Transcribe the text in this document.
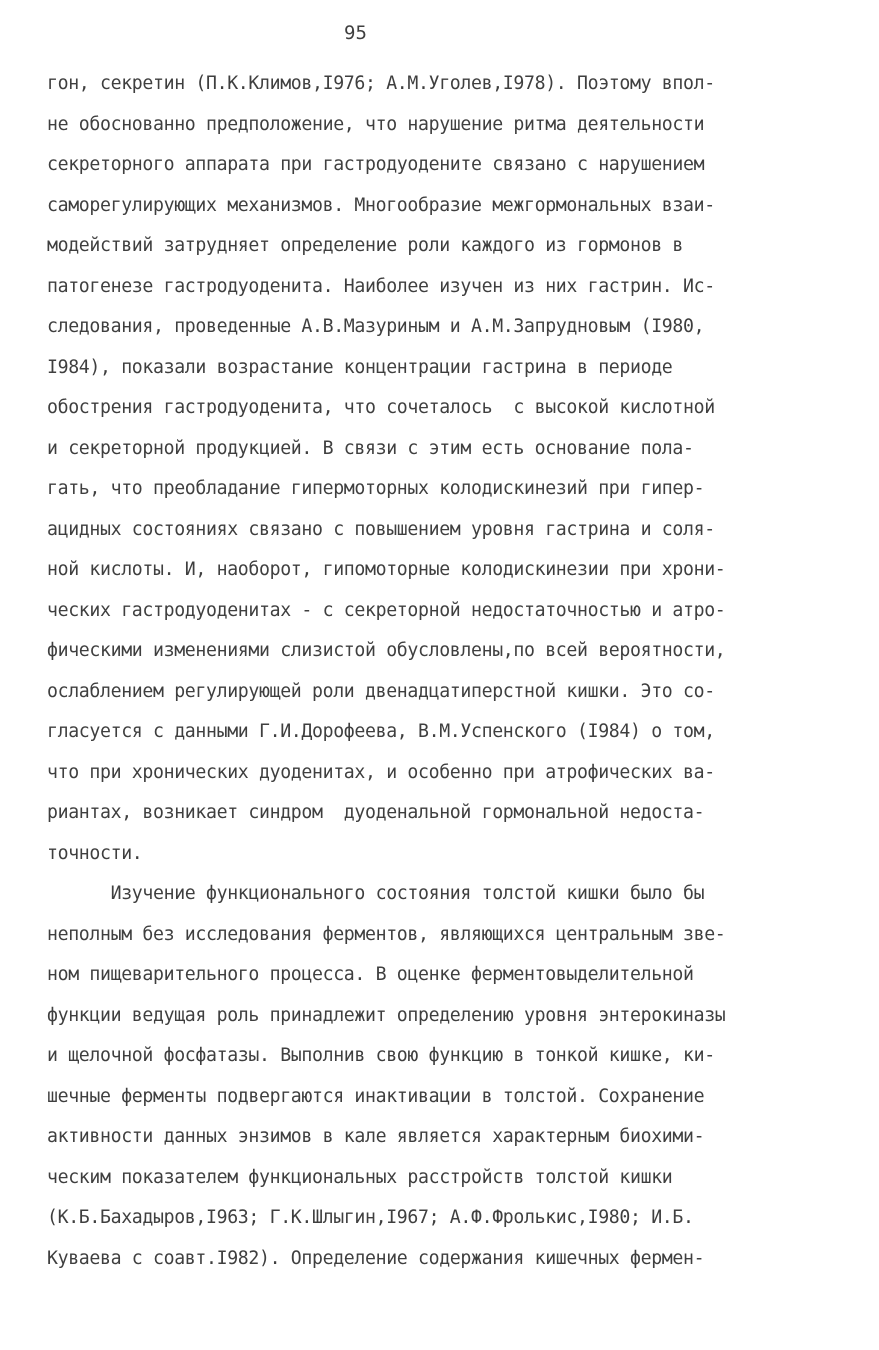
95
гон, секретин (П.К.Климов,I976; А.М.Уголев,I978). Поэтому впол-
не обоснованно предположение, что нарушение ритма деятельности
секреторного аппарата при гастродуодените связано с нарушением
саморегулирующих механизмов. Многообразие межгормональных взаи-
модействий затрудняет определение роли каждого из гормонов в
патогенезе гастродуоденита. Наиболее изучен из них гастрин. Ис-
следования, проведенные А.В.Мазуриным и А.М.Запрудновым (I980,
I984), показали возрастание концентрации гастрина в периоде
обострения гастродуоденита, что сочеталось  с высокой кислотной
и секреторной продукцией. В связи с этим есть основание пола-
гать, что преобладание гипермоторных колодискинезий при гипер-
ацидных состояниях связано с повышением уровня гастрина и соля-
ной кислоты. И, наоборот, гипомоторные колодискинезии при хрони-
ческих гастродуоденитах - с секреторной недостаточностью и атро-
фическими изменениями слизистой обусловлены,по всей вероятности,
ослаблением регулирующей роли двенадцатиперстной кишки. Это со-
гласуется с данными Г.И.Дорофеева, В.М.Успенского (I984) о том,
что при хронических дуоденитах, и особенно при атрофических ва-
риантах, возникает синдром  дуоденальной гормональной недоста-
точности.
Изучение функционального состояния толстой кишки было бы
неполным без исследования ферментов, являющихся центральным зве-
ном пищеварительного процесса. В оценке ферментовыделительной
функции ведущая роль принадлежит определению уровня энтерокиназы
и щелочной фосфатазы. Выполнив свою функцию в тонкой кишке, ки-
шечные ферменты подвергаются инактивации в толстой. Сохранение
активности данных энзимов в кале является характерным биохими-
ческим показателем функциональных расстройств толстой кишки
(К.Б.Бахадыров,I963; Г.К.Шлыгин,I967; А.Ф.Фролькис,I980; И.Б.
Куваева с соавт.I982). Определение содержания кишечных фермен-
